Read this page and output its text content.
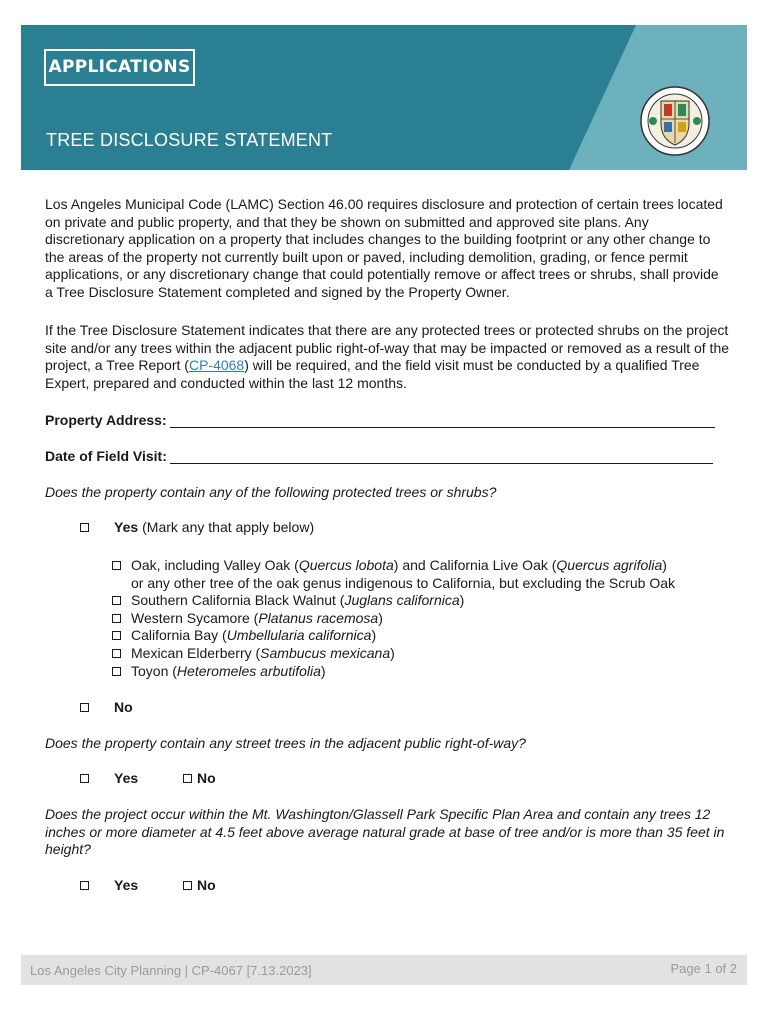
APPLICATIONS
TREE DISCLOSURE STATEMENT
Los Angeles Municipal Code (LAMC) Section 46.00 requires disclosure and protection of certain trees located on private and public property, and that they be shown on submitted and approved site plans. Any discretionary application on a property that includes changes to the building footprint or any other change to the areas of the property not currently built upon or paved, including demolition, grading, or fence permit applications, or any discretionary change that could potentially remove or affect trees or shrubs, shall provide a Tree Disclosure Statement completed and signed by the Property Owner.
If the Tree Disclosure Statement indicates that there are any protected trees or protected shrubs on the project site and/or any trees within the adjacent public right-of-way that may be impacted or removed as a result of the project, a Tree Report (CP-4068) will be required, and the field visit must be conducted by a qualified Tree Expert, prepared and conducted within the last 12 months.
Property Address:
Date of Field Visit:
Does the property contain any of the following protected trees or shrubs?
Yes (Mark any that apply below)
Oak, including Valley Oak (Quercus lobota) and California Live Oak (Quercus agrifolia)
or any other tree of the oak genus indigenous to California, but excluding the Scrub Oak
Southern California Black Walnut (Juglans californica)
Western Sycamore (Platanus racemosa)
California Bay (Umbellularia californica)
Mexican Elderberry (Sambucus mexicana)
Toyon (Heteromeles arbutifolia)
No
Does the property contain any street trees in the adjacent public right-of-way?
Yes	No
Does the project occur within the Mt. Washington/Glassell Park Specific Plan Area and contain any trees 12 inches or more diameter at 4.5 feet above average natural grade at base of tree and/or is more than 35 feet in height?
Yes	No
Los Angeles City Planning | CP-4067 [7.13.2023]	Page 1 of 2
